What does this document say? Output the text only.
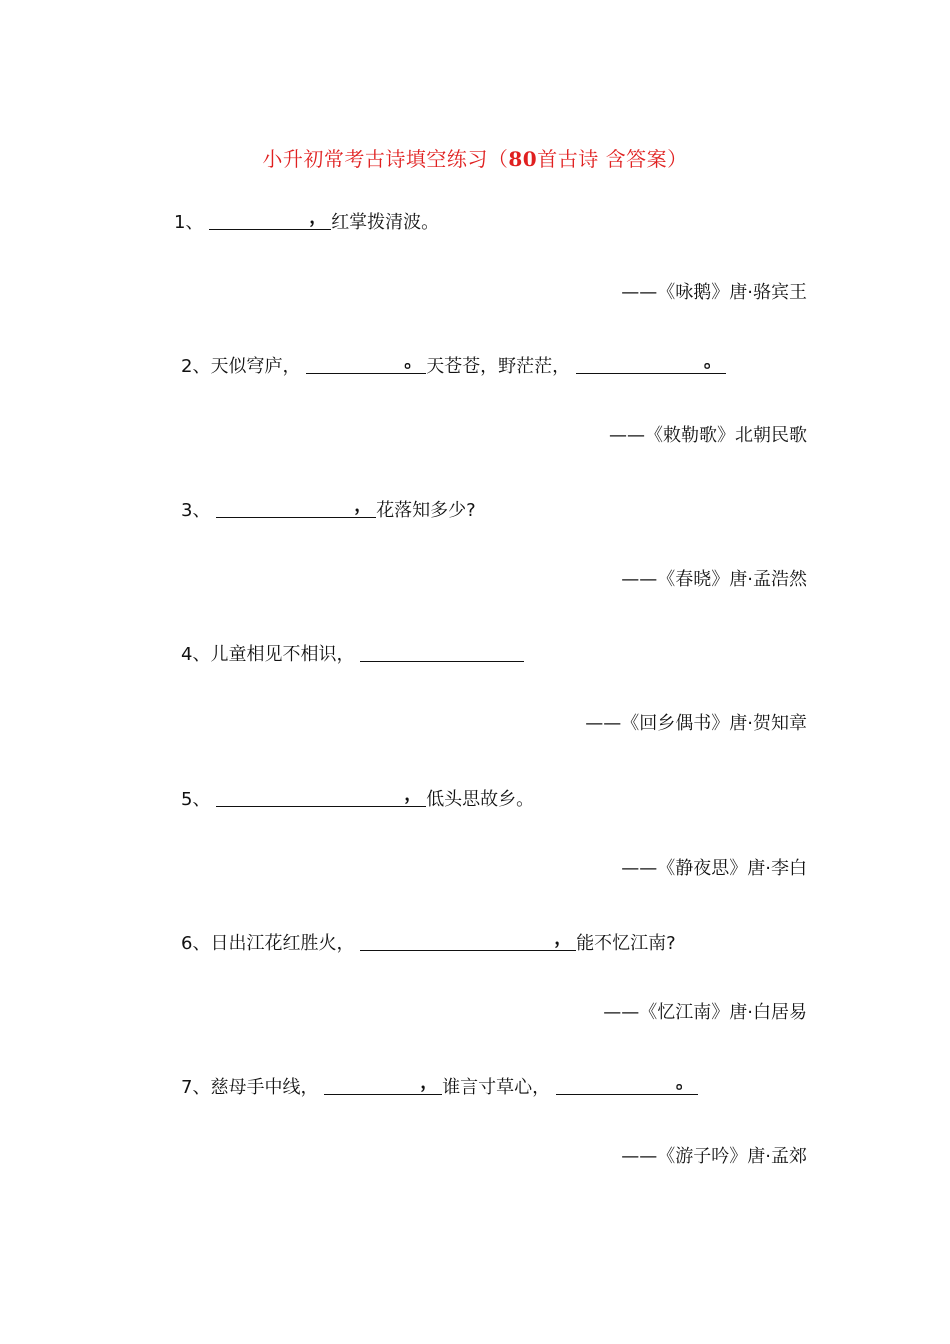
小升初常考古诗填空练习（80首古诗 含答案）
1、	， 红掌拨清波。
——《咏鹅》唐·骆宾王
2、天似穹庐，	。 天苍苍，野茫茫，	。
——《敕勒歌》北朝民歌
3、	， 花落知多少?
——《春晓》唐·孟浩然
4、儿童相见不相识，
——《回乡偶书》唐·贺知章
5、	， 低头思故乡。
——《静夜思》唐·李白
6、日出江花红胜火，	， 能不忆江南?
——《忆江南》唐·白居易
7、慈母手中线，	， 谁言寸草心，	。
——《游子吟》唐·孟郊
